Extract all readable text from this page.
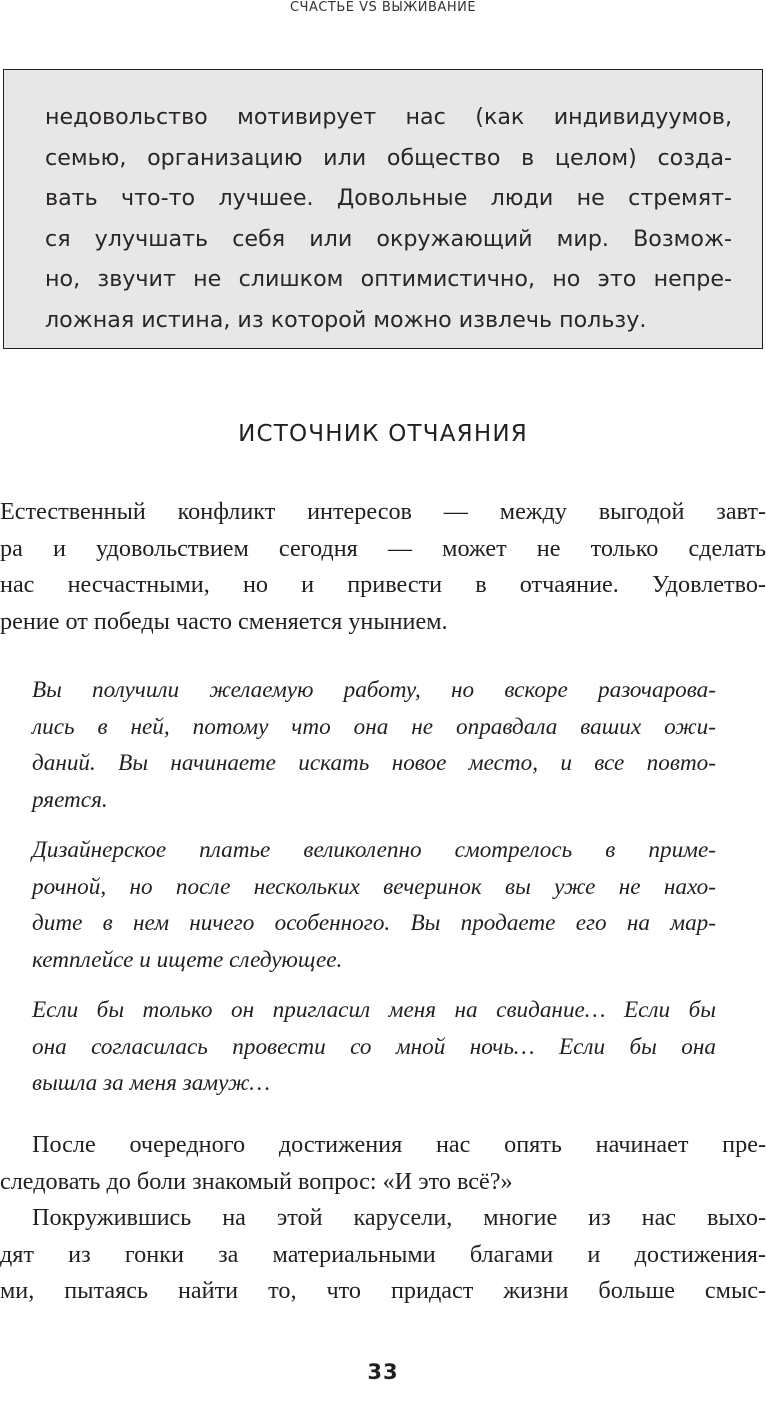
СЧАСТЬЕ VS ВЫЖИВАНИЕ
недовольство мотивирует нас (как индивидуумов,
семью, организацию или общество в целом) созда-
вать что-то лучшее. Довольные люди не стремят-
ся улучшать себя или окружающий мир. Возмож-
но, звучит не слишком оптимистично, но это непре-
ложная истина, из которой можно извлечь пользу.
ИСТОЧНИК ОТЧАЯНИЯ
Естественный конфликт интересов — между выгодой завт-
ра и удовольствием сегодня — может не только сделать
нас несчастными, но и привести в отчаяние. Удовлетво-
рение от победы часто сменяется унынием.
Вы получили желаемую работу, но вскоре разочарова-
лись в ней, потому что она не оправдала ваших ожи-
даний. Вы начинаете искать новое место, и все повто-
ряется.
Дизайнерское платье великолепно смотрелось в приме-
рочной, но после нескольких вечеринок вы уже не нахо-
дите в нем ничего особенного. Вы продаете его на мар-
кетплейсе и ищете следующее.
Если бы только он пригласил меня на свидание… Если бы
она согласилась провести со мной ночь… Если бы она
вышла за меня замуж…
После очередного достижения нас опять начинает пре-
следовать до боли знакомый вопрос: «И это всё?»
Покружившись на этой карусели, многие из нас выхо-
дят из гонки за материальными благами и достижения-
ми, пытаясь найти то, что придаст жизни больше смыс-
33
